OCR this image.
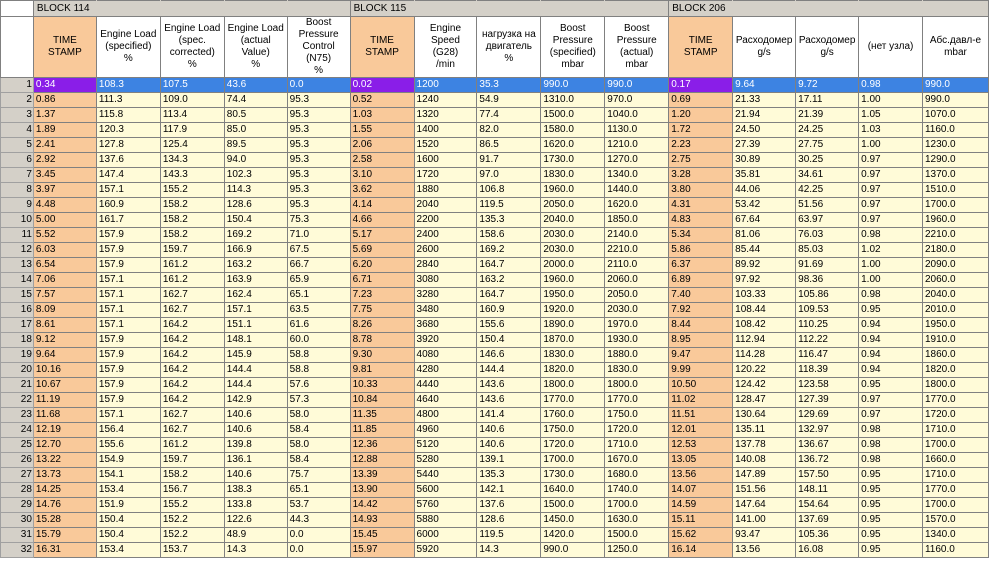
	BLOCK 114					BLOCK 115					BLOCK 206				

	TIME
STAMP	Engine Load
(specified)
%	Engine Load
(spec.
corrected)
%	Engine Load
(actual
Value)
%	Boost
Pressure
Control (N75)
%	TIME
STAMP	Engine
Speed
(G28)
/min	нагрузка на
двигатель
%	Boost
Pressure
(specified)
mbar	Boost
Pressure
(actual)
mbar	TIME
STAMP	Расходомер
g/s	Расходомер
g/s	(нет узла)	Абс.давл-е
mbar

1	0.34	108.3	107.5	43.6	0.0	0.02	1200	35.3	990.0	990.0	0.17	9.64	9.72	0.98	990.0
2	0.86	111.3	109.0	74.4	95.3	0.52	1240	54.9	1310.0	970.0	0.69	21.33	17.11	1.00	990.0
3	1.37	115.8	113.4	80.5	95.3	1.03	1320	77.4	1500.0	1040.0	1.20	21.94	21.39	1.05	1070.0
4	1.89	120.3	117.9	85.0	95.3	1.55	1400	82.0	1580.0	1130.0	1.72	24.50	24.25	1.03	1160.0
5	2.41	127.8	125.4	89.5	95.3	2.06	1520	86.5	1620.0	1210.0	2.23	27.39	27.75	1.00	1230.0
6	2.92	137.6	134.3	94.0	95.3	2.58	1600	91.7	1730.0	1270.0	2.75	30.89	30.25	0.97	1290.0
7	3.45	147.4	143.3	102.3	95.3	3.10	1720	97.0	1830.0	1340.0	3.28	35.81	34.61	0.97	1370.0
8	3.97	157.1	155.2	114.3	95.3	3.62	1880	106.8	1960.0	1440.0	3.80	44.06	42.25	0.97	1510.0
9	4.48	160.9	158.2	128.6	95.3	4.14	2040	119.5	2050.0	1620.0	4.31	53.42	51.56	0.97	1700.0
10	5.00	161.7	158.2	150.4	75.3	4.66	2200	135.3	2040.0	1850.0	4.83	67.64	63.97	0.97	1960.0
11	5.52	157.9	158.2	169.2	71.0	5.17	2400	158.6	2030.0	2140.0	5.34	81.06	76.03	0.98	2210.0
12	6.03	157.9	159.7	166.9	67.5	5.69	2600	169.2	2030.0	2210.0	5.86	85.44	85.03	1.02	2180.0
13	6.54	157.9	161.2	163.2	66.7	6.20	2840	164.7	2000.0	2110.0	6.37	89.92	91.69	1.00	2090.0
14	7.06	157.1	161.2	163.9	65.9	6.71	3080	163.2	1960.0	2060.0	6.89	97.92	98.36	1.00	2060.0
15	7.57	157.1	162.7	162.4	65.1	7.23	3280	164.7	1950.0	2050.0	7.40	103.33	105.86	0.98	2040.0
16	8.09	157.1	162.7	157.1	63.5	7.75	3480	160.9	1920.0	2030.0	7.92	108.44	109.53	0.95	2010.0
17	8.61	157.1	164.2	151.1	61.6	8.26	3680	155.6	1890.0	1970.0	8.44	108.42	110.25	0.94	1950.0
18	9.12	157.9	164.2	148.1	60.0	8.78	3920	150.4	1870.0	1930.0	8.95	112.94	112.22	0.94	1910.0
19	9.64	157.9	164.2	145.9	58.8	9.30	4080	146.6	1830.0	1880.0	9.47	114.28	116.47	0.94	1860.0
20	10.16	157.9	164.2	144.4	58.8	9.81	4280	144.4	1820.0	1830.0	9.99	120.22	118.39	0.94	1820.0
21	10.67	157.9	164.2	144.4	57.6	10.33	4440	143.6	1800.0	1800.0	10.50	124.42	123.58	0.95	1800.0
22	11.19	157.9	164.2	142.9	57.3	10.84	4640	143.6	1770.0	1770.0	11.02	128.47	127.39	0.97	1770.0
23	11.68	157.1	162.7	140.6	58.0	11.35	4800	141.4	1760.0	1750.0	11.51	130.64	129.69	0.97	1720.0
24	12.19	156.4	162.7	140.6	58.4	11.85	4960	140.6	1750.0	1720.0	12.01	135.11	132.97	0.98	1710.0
25	12.70	155.6	161.2	139.8	58.0	12.36	5120	140.6	1720.0	1710.0	12.53	137.78	136.67	0.98	1700.0
26	13.22	154.9	159.7	136.1	58.4	12.88	5280	139.1	1700.0	1670.0	13.05	140.08	136.72	0.98	1660.0
27	13.73	154.1	158.2	140.6	75.7	13.39	5440	135.3	1730.0	1680.0	13.56	147.89	157.50	0.95	1710.0
28	14.25	153.4	156.7	138.3	65.1	13.90	5600	142.1	1640.0	1740.0	14.07	151.56	148.11	0.95	1770.0
29	14.76	151.9	155.2	133.8	53.7	14.42	5760	137.6	1500.0	1700.0	14.59	147.64	154.64	0.95	1700.0
30	15.28	150.4	152.2	122.6	44.3	14.93	5880	128.6	1450.0	1630.0	15.11	141.00	137.69	0.95	1570.0
31	15.79	150.4	152.2	48.9	0.0	15.45	6000	119.5	1420.0	1500.0	15.62	93.47	105.36	0.95	1340.0
32	16.31	153.4	153.7	14.3	0.0	15.97	5920	14.3	990.0	1250.0	16.14	13.56	16.08	0.95	1160.0
